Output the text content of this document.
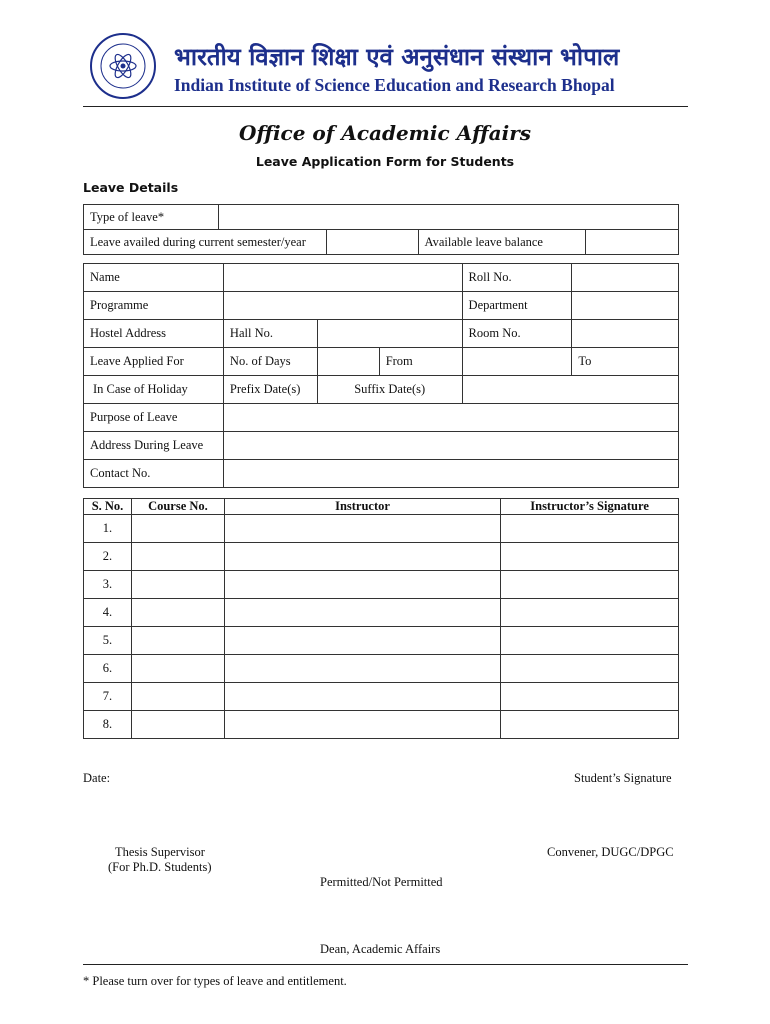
भारतीय विज्ञान शिक्षा एवं अनुसंधान संस्थान भोपाल
Indian Institute of Science Education and Research Bhopal
Office of Academic Affairs
Leave Application Form for Students
Leave Details
Type of leave*				
Leave availed during current semester/year			Available leave balance	
Name				Roll No.	
Programme				Department	
Hostel Address	Hall No.			Room No.	
Leave Applied For	No. of Days		From		To
In Case of Holiday	Prefix Date(s)	Suffix Date(s)			
Purpose of Leave					
Address During Leave					
Contact No.					
S. No.	Course No.	Instructor	Instructor’s Signature
1.			
2.			
3.			
4.			
5.			
6.			
7.			
8.			
Date:	Student’s Signature
Thesis Supervisor
(For Ph.D. Students)
Convener, DUGC/DPGC
Permitted/Not Permitted
Dean, Academic Affairs
* Please turn over for types of leave and entitlement.
